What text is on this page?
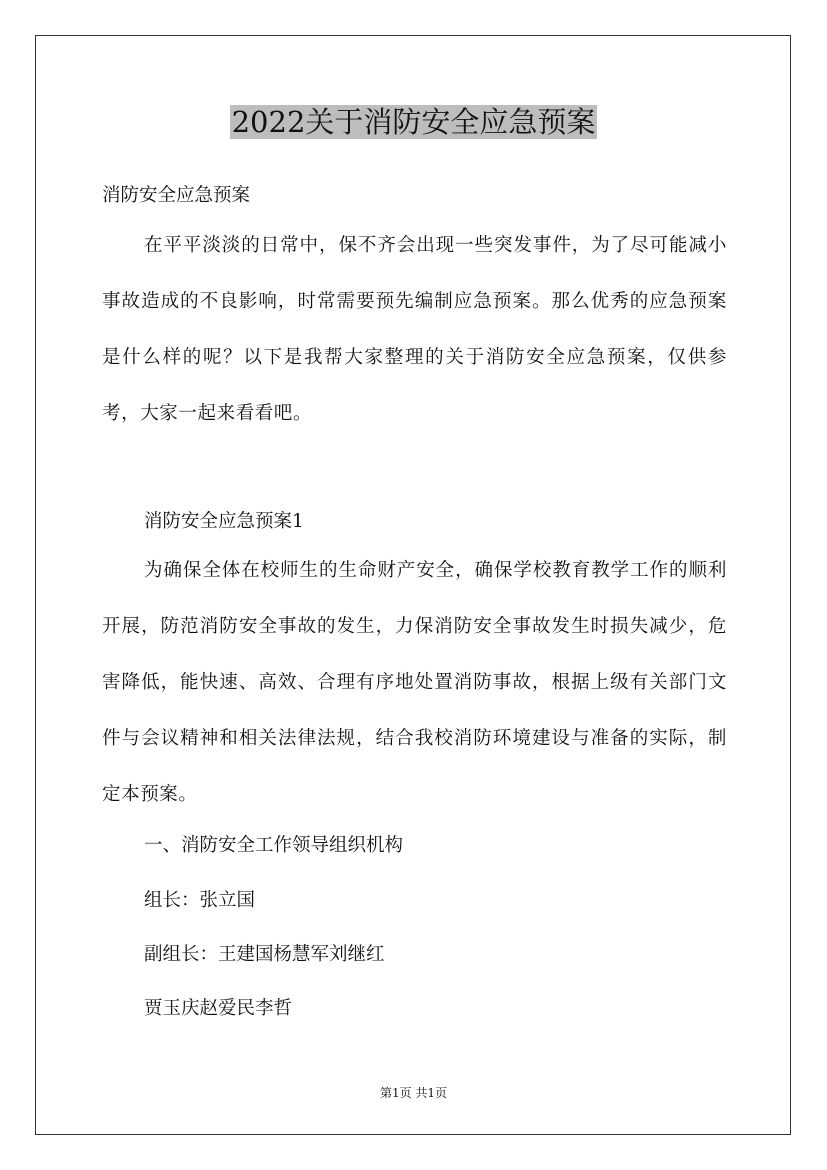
2022关于消防安全应急预案
消防安全应急预案
在平平淡淡的日常中，保不齐会出现一些突发事件，为了尽可能减小事故造成的不良影响，时常需要预先编制应急预案。那么优秀的应急预案是什么样的呢？以下是我帮大家整理的关于消防安全应急预案，仅供参考，大家一起来看看吧。
消防安全应急预案1
为确保全体在校师生的生命财产安全，确保学校教育教学工作的顺利开展，防范消防安全事故的发生，力保消防安全事故发生时损失减少，危害降低，能快速、高效、合理有序地处置消防事故，根据上级有关部门文件与会议精神和相关法律法规，结合我校消防环境建设与准备的实际，制定本预案。
一、消防安全工作领导组织机构
组长：张立国
副组长：王建国杨慧军刘继红
贾玉庆赵爱民李哲
第1页 共1页
